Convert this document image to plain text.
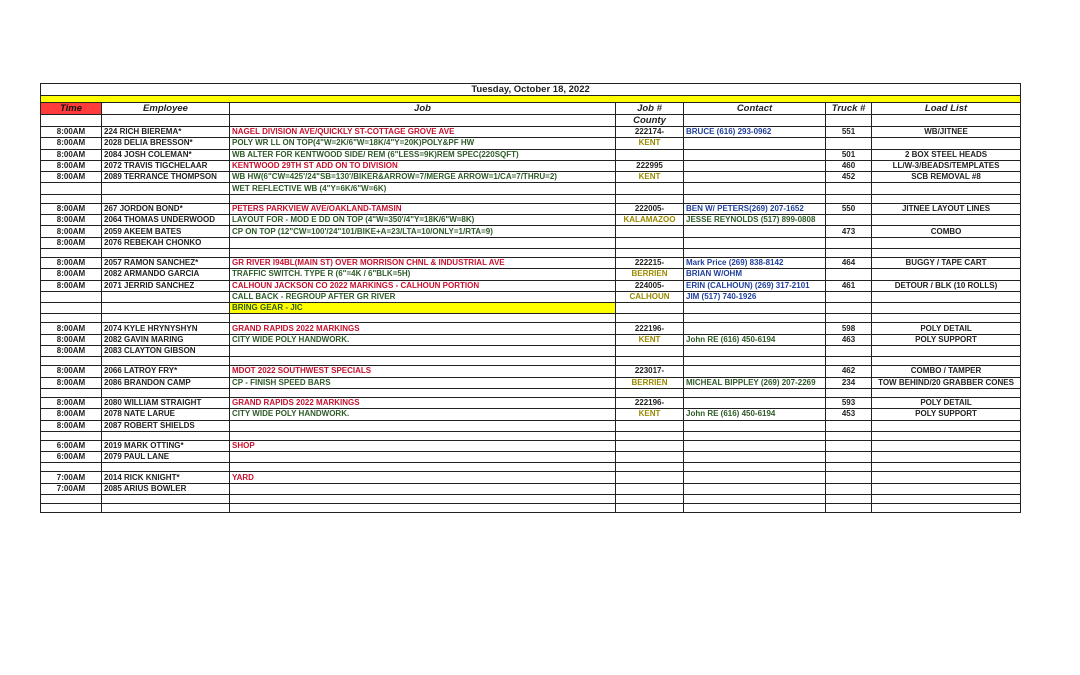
Tuesday, October 18, 2022						

Time	Employee	Job	Job #	Contact	Truck #	Load List
			County			
8:00AM	224 RICH BIEREMA*	NAGEL DIVISION AVE/QUICKLY ST-COTTAGE GROVE AVE	222174-	BRUCE (616) 293-0962	551	WB/JITNEE
8:00AM	2028 DELIA BRESSON*	POLY WR LL ON TOP(4"W=2K/6"W=18K/4"Y=20K)POLY&PF HW	KENT			
8:00AM	2084 JOSH COLEMAN*	WB ALTER FOR KENTWOOD SIDE/ REM (6"LESS=9K)REM SPEC(220SQFT)			501	2 BOX STEEL HEADS
8:00AM	2072 TRAVIS TIGCHELAAR	KENTWOOD 29TH ST ADD ON TO DIVISION	222995		460	LL/W-3/BEADS/TEMPLATES
8:00AM	2089 TERRANCE THOMPSON	WB HW(6"CW=425'/24"SB=130'/BIKER&ARROW=7/MERGE ARROW=1/CA=7/THRU=2)	KENT		452	SCB REMOVAL #8
		WET REFLECTIVE WB (4"Y=6K/6"W=6K)				

8:00AM	267 JORDON BOND*	PETERS PARKVIEW AVE/OAKLAND-TAMSIN	222005-	BEN W/ PETERS(269) 207-1652	550	JITNEE LAYOUT LINES
8:00AM	2064 THOMAS UNDERWOOD	LAYOUT FOR - MOD E DD ON TOP (4"W=350'/4"Y=18K/6"W=8K)	KALAMAZOO	JESSE REYNOLDS (517) 899-0808		
8:00AM	2059 AKEEM BATES	CP ON TOP (12"CW=100'/24"101/BIKE+A=23/LTA=10/ONLY=1/RTA=9)			473	COMBO
8:00AM	2076 REBEKAH CHONKO					

8:00AM	2057 RAMON SANCHEZ*	GR RIVER I94BL(MAIN ST) OVER MORRISON CHNL & INDUSTRIAL AVE	222215-	Mark Price (269) 838-8142	464	BUGGY / TAPE CART
8:00AM	2082 ARMANDO GARCIA	TRAFFIC SWITCH. TYPE R (6"=4K / 6"BLK=5H)	BERRIEN	BRIAN W/OHM		
8:00AM	2071 JERRID SANCHEZ	CALHOUN JACKSON CO 2022 MARKINGS - CALHOUN PORTION	224005-	ERIN (CALHOUN) (269) 317-2101	461	DETOUR / BLK (10 ROLLS)
		CALL BACK - REGROUP AFTER GR RIVER	CALHOUN	JIM (517) 740-1926		
		BRING GEAR - JIC				

8:00AM	2074 KYLE HRYNYSHYN	GRAND RAPIDS 2022 MARKINGS	222196-		598	POLY DETAIL
8:00AM	2082 GAVIN MARING	CITY WIDE POLY HANDWORK.	KENT	John RE (616) 450-6194	463	POLY SUPPORT
8:00AM	2083 CLAYTON GIBSON					

8:00AM	2066 LATROY FRY*	MDOT 2022 SOUTHWEST SPECIALS	223017-		462	COMBO / TAMPER
8:00AM	2086 BRANDON CAMP	CP - FINISH SPEED BARS	BERRIEN	MICHEAL BIPPLEY (269) 207-2269	234	TOW BEHIND/20 GRABBER CONES

8:00AM	2080 WILLIAM STRAIGHT	GRAND RAPIDS 2022 MARKINGS	222196-		593	POLY DETAIL
8:00AM	2078 NATE LARUE	CITY WIDE POLY HANDWORK.	KENT	John RE (616) 450-6194	453	POLY SUPPORT
8:00AM	2087 ROBERT SHIELDS					

6:00AM	2019 MARK OTTING*	SHOP				
6:00AM	2079 PAUL LANE					

7:00AM	2014 RICK KNIGHT*	YARD				
7:00AM	2085 ARIUS BOWLER					
